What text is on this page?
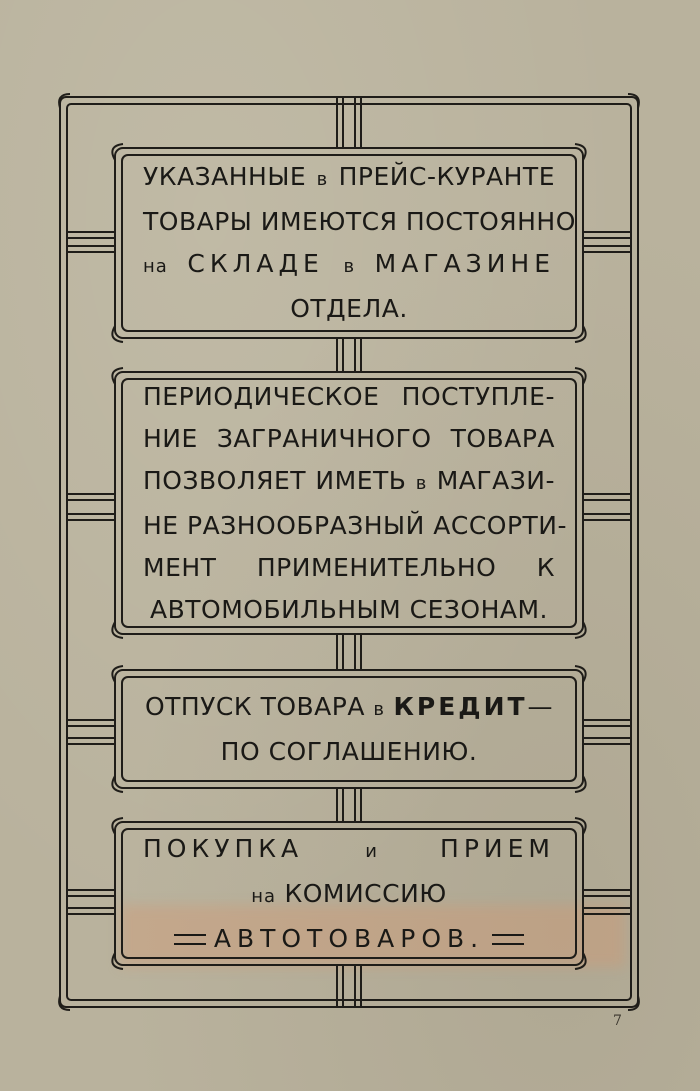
УКАЗАННЫЕ в ПРЕЙС-КУРАНТЕ
ТОВАРЫ ИМЕЮТСЯ ПОСТОЯННО
на СКЛАДЕ в МАГАЗИНЕ
ОТДЕЛА.
ПЕРИОДИЧЕСКОЕ ПОСТУПЛЕ-
НИЕ ЗАГРАНИЧНОГО ТОВАРА
ПОЗВОЛЯЕТ ИМЕТЬ в МАГАЗИ-
НЕ РАЗНООБРАЗНЫЙ АССОРТИ-
МЕНТ ПРИМЕНИТЕЛЬНО К
АВТОМОБИЛЬНЫМ СЕЗОНАМ.
ОТПУСК ТОВАРА в КРЕДИТ—
ПО СОГЛАШЕНИЮ.
ПОКУПКА и ПРИЕМ
на КОМИССИЮ
АВТОТОВАРОВ.
7
